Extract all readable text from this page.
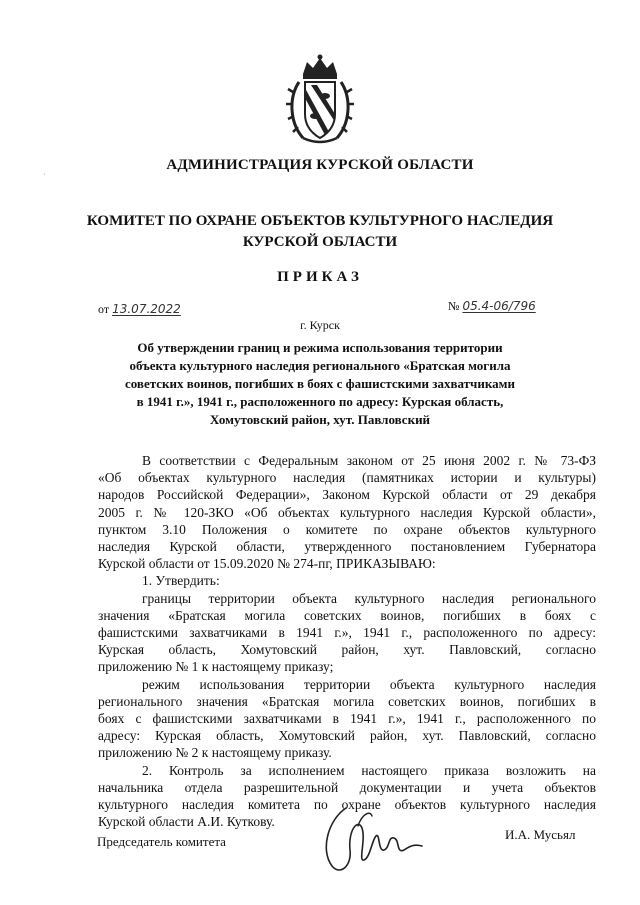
АДМИНИСТРАЦИЯ КУРСКОЙ ОБЛАСТИ
КОМИТЕТ ПО ОХРАНЕ ОБЪЕКТОВ КУЛЬТУРНОГО НАСЛЕДИЯ
КУРСКОЙ ОБЛАСТИ
ПРИКАЗ
от 13.07.2022	№ 05.4-06/796
г. Курск
Об утверждении границ и режима использования территории
объекта культурного наследия регионального «Братская могила
советских воинов, погибших в боях с фашистскими захватчиками
в 1941 г.», 1941 г., расположенного по адресу: Курская область,
Хомутовский район, хут. Павловский
В соответствии с Федеральным законом от 25 июня 2002 г. № 73-ФЗ
«Об объектах культурного наследия (памятниках истории и культуры)
народов Российской Федерации», Законом Курской области от 29 декабря
2005 г. № 120-ЗКО «Об объектах культурного наследия Курской области»,
пунктом 3.10 Положения о комитете по охране объектов культурного
наследия Курской области, утвержденного постановлением Губернатора
Курской области от 15.09.2020 № 274-пг, ПРИКАЗЫВАЮ:
1. Утвердить:
границы территории объекта культурного наследия регионального
значения «Братская могила советских воинов, погибших в боях с
фашистскими захватчиками в 1941 г.», 1941 г., расположенного по адресу:
Курская область, Хомутовский район, хут. Павловский, согласно
приложению № 1 к настоящему приказу;
режим использования территории объекта культурного наследия
регионального значения «Братская могила советских воинов, погибших в
боях с фашистскими захватчиками в 1941 г.», 1941 г., расположенного по
адресу: Курская область, Хомутовский район, хут. Павловский, согласно
приложению № 2 к настоящему приказу.
2. Контроль за исполнением настоящего приказа возложить на
начальника отдела разрешительной документации и учета объектов
культурного наследия комитета по охране объектов культурного наследия
Курской области А.И. Куткову.
Председатель комитета	И.А. Мусьял
·
